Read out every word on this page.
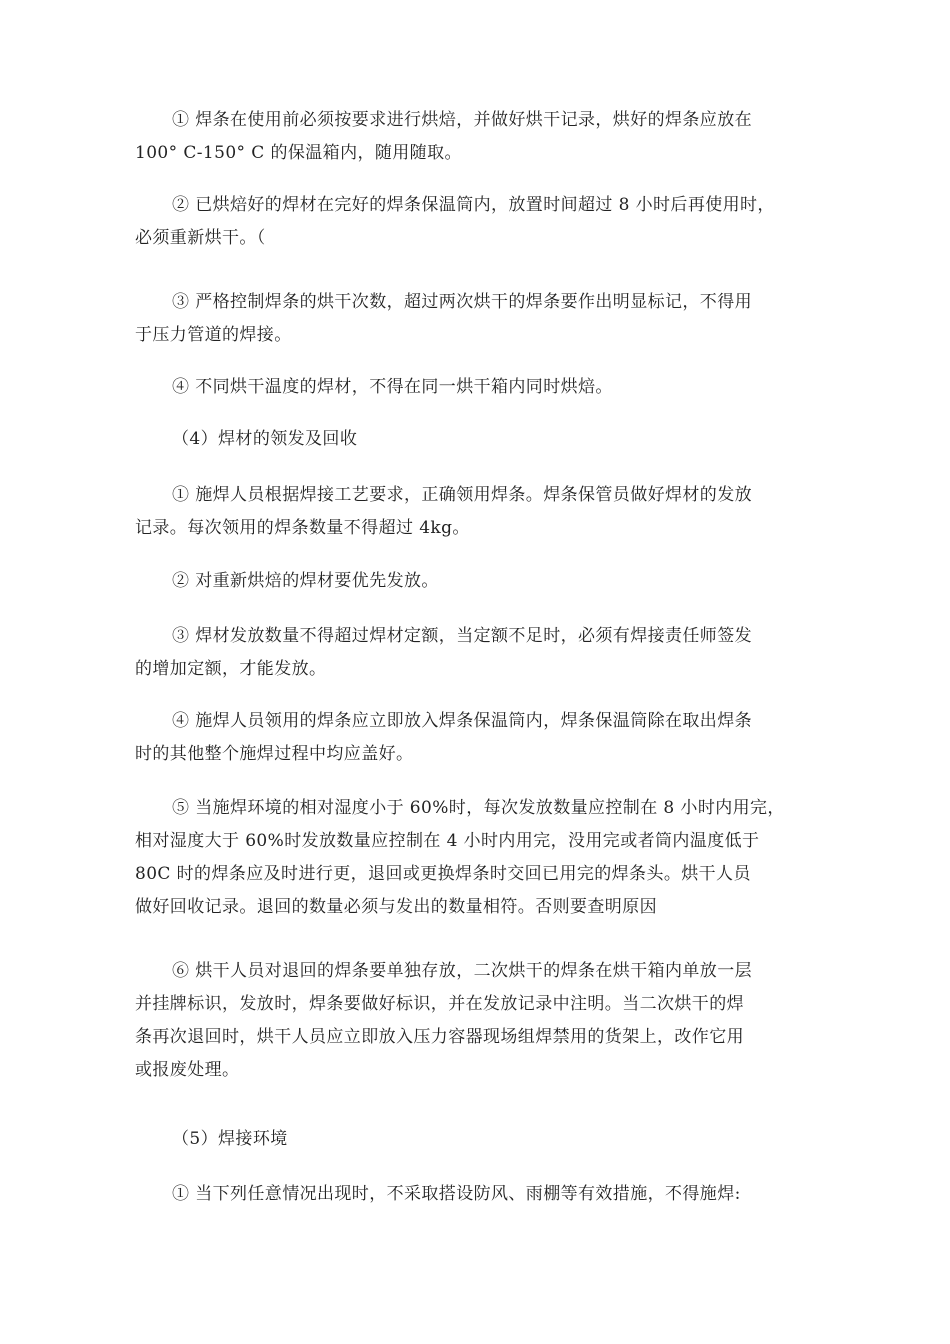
① 焊条在使用前必须按要求进行烘焙，并做好烘干记录，烘好的焊条应放在
100° C-150° C 的保温箱内，随用随取。

② 已烘焙好的焊材在完好的焊条保温筒内，放置时间超过 8 小时后再使用时，
必须重新烘干。（

③ 严格控制焊条的烘干次数，超过两次烘干的焊条要作出明显标记，不得用
于压力管道的焊接。

④ 不同烘干温度的焊材，不得在同一烘干箱内同时烘焙。

（4）焊材的领发及回收

① 施焊人员根据焊接工艺要求，正确领用焊条。焊条保管员做好焊材的发放
记录。每次领用的焊条数量不得超过 4kg。

② 对重新烘焙的焊材要优先发放。

③ 焊材发放数量不得超过焊材定额，当定额不足时，必须有焊接责任师签发
的增加定额，才能发放。

④ 施焊人员领用的焊条应立即放入焊条保温筒内，焊条保温筒除在取出焊条
时的其他整个施焊过程中均应盖好。

⑤ 当施焊环境的相对湿度小于 60%时，每次发放数量应控制在 8 小时内用完，
相对湿度大于 60%时发放数量应控制在 4 小时内用完，没用完或者筒内温度低于
80C 时的焊条应及时进行更，退回或更换焊条时交回已用完的焊条头。烘干人员
做好回收记录。退回的数量必须与发出的数量相符。否则要查明原因

⑥ 烘干人员对退回的焊条要单独存放，二次烘干的焊条在烘干箱内单放一层
并挂牌标识，发放时，焊条要做好标识，并在发放记录中注明。当二次烘干的焊
条再次退回时，烘干人员应立即放入压力容器现场组焊禁用的货架上，改作它用
或报废处理。

（5）焊接环境

① 当下列任意情况出现时，不采取搭设防风、雨棚等有效措施，不得施焊:
